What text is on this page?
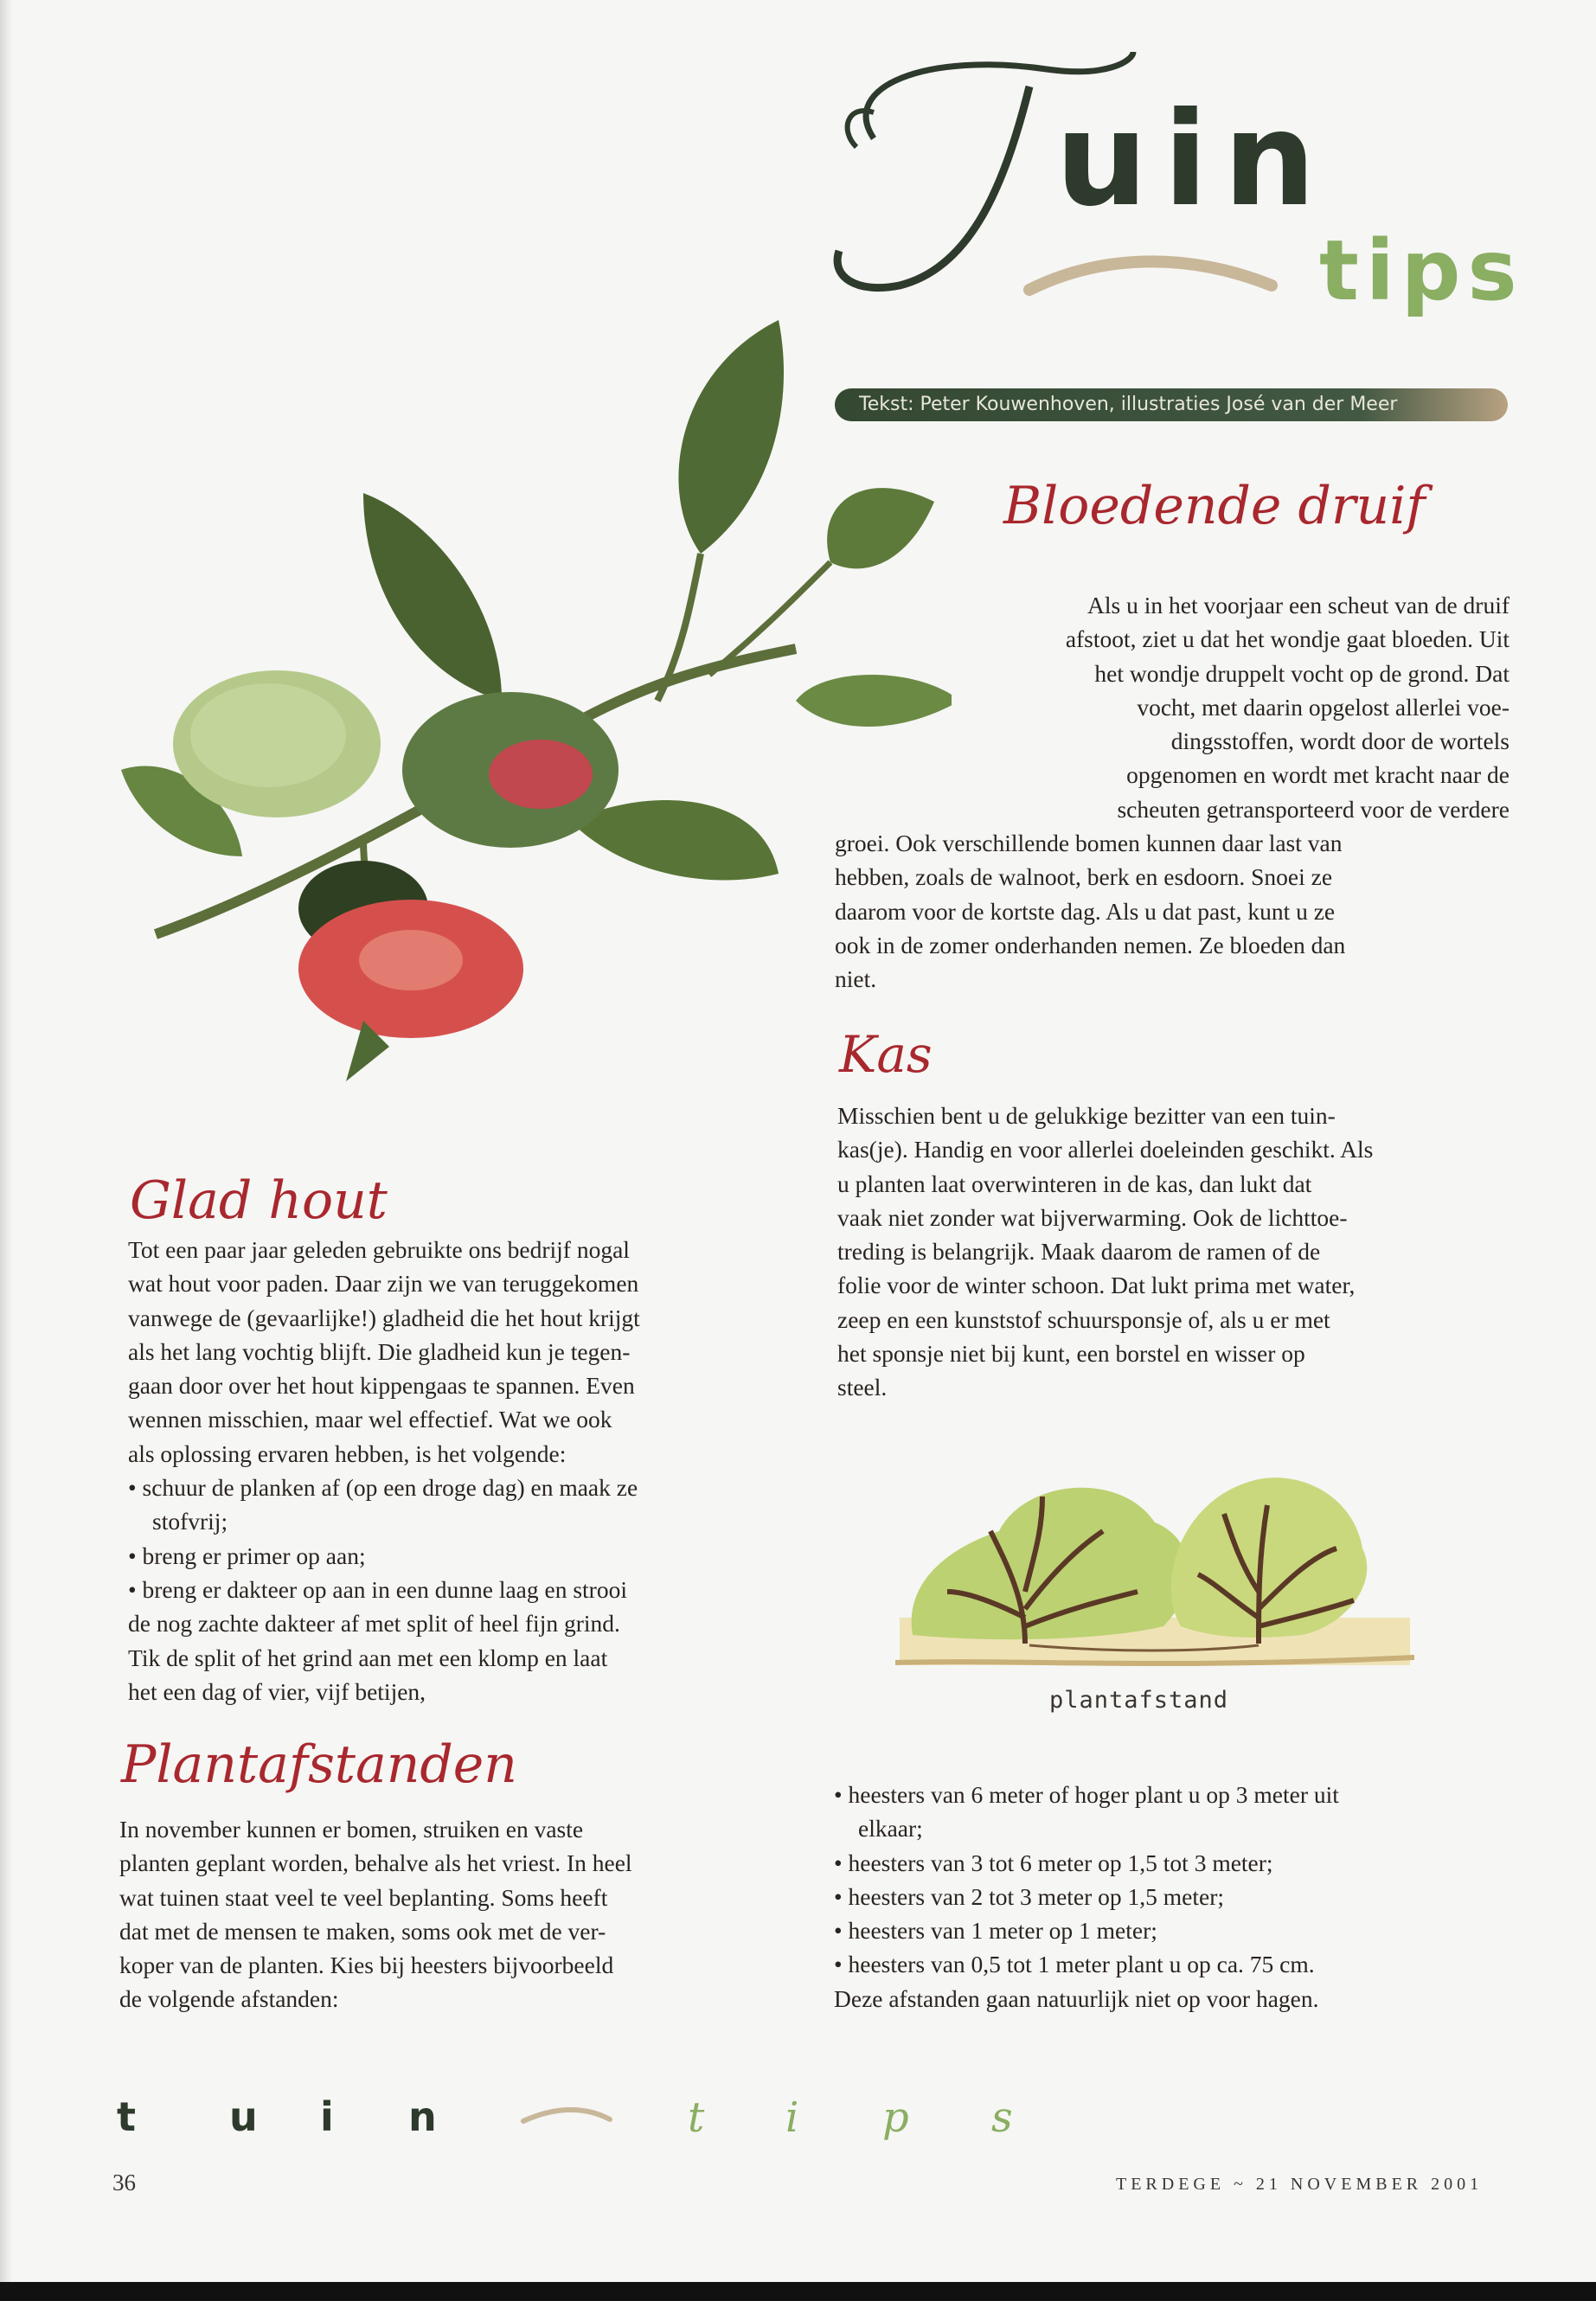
uin
tips
Tekst: Peter Kouwenhoven, illustraties José van der Meer
Bloedende druif
Als u in het voorjaar een scheut van de druif
afstoot, ziet u dat het wondje gaat bloeden. Uit
het wondje druppelt vocht op de grond. Dat
vocht, met daarin opgelost allerlei voe-
dingsstoffen, wordt door de wortels
opgenomen en wordt met kracht naar de
scheuten getransporteerd voor de verdere
groei. Ook verschillende bomen kunnen daar last van
hebben, zoals de walnoot, berk en esdoorn. Snoei ze
daarom voor de kortste dag. Als u dat past, kunt u ze
ook in de zomer onderhanden nemen. Ze bloeden dan
niet.
Kas
Misschien bent u de gelukkige bezitter van een tuin-
kas(je). Handig en voor allerlei doeleinden geschikt. Als
u planten laat overwinteren in de kas, dan lukt dat
vaak niet zonder wat bijverwarming. Ook de lichttoe-
treding is belangrijk. Maak daarom de ramen of de
folie voor de winter schoon. Dat lukt prima met water,
zeep en een kunststof schuursponsje of, als u er met
het sponsje niet bij kunt, een borstel en wisser op
steel.
plantafstand
Glad hout
Tot een paar jaar geleden gebruikte ons bedrijf nogal
wat hout voor paden. Daar zijn we van teruggekomen
vanwege de (gevaarlijke!) gladheid die het hout krijgt
als het lang vochtig blijft. Die gladheid kun je tegen-
gaan door over het hout kippengaas te spannen. Even
wennen misschien, maar wel effectief. Wat we ook
als oplossing ervaren hebben, is het volgende:
• schuur de planken af (op een droge dag) en maak ze
stofvrij;
• breng er primer op aan;
• breng er dakteer op aan in een dunne laag en strooi
de nog zachte dakteer af met split of heel fijn grind.
Tik de split of het grind aan met een klomp en laat
het een dag of vier, vijf betijen,
Plantafstanden
In november kunnen er bomen, struiken en vaste
planten geplant worden, behalve als het vriest. In heel
wat tuinen staat veel te veel beplanting. Soms heeft
dat met de mensen te maken, soms ook met de ver-
koper van de planten. Kies bij heesters bijvoorbeeld
de volgende afstanden:
• heesters van 6 meter of hoger plant u op 3 meter uit
elkaar;
• heesters van 3 tot 6 meter op 1,5 tot 3 meter;
• heesters van 2 tot 3 meter op 1,5 meter;
• heesters van 1 meter op 1 meter;
• heesters van 0,5 tot 1 meter plant u op ca. 75 cm.
Deze afstanden gaan natuurlijk niet op voor hagen.
t u i n	t i p s
36	TERDEGE ~ 21 NOVEMBER 2001
